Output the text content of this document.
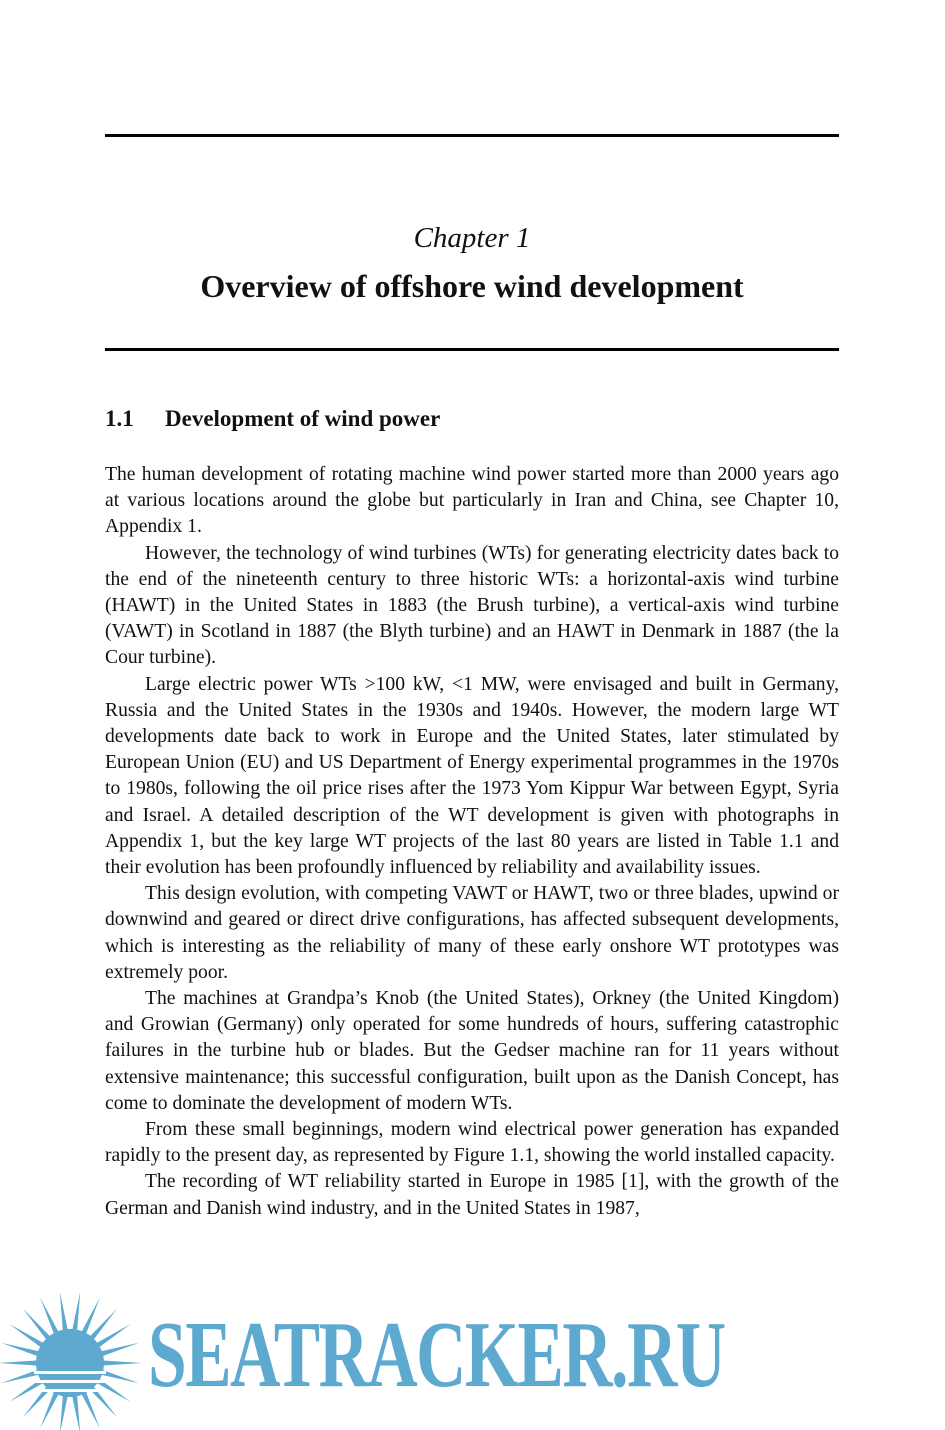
Chapter 1
Overview of offshore wind development
1.1 Development of wind power

The human development of rotating machine wind power started more than 2000 years ago at various locations around the globe but particularly in Iran and China, see Chapter 10, Appendix 1.

However, the technology of wind turbines (WTs) for generating electricity dates back to the end of the nineteenth century to three historic WTs: a horizontal-axis wind turbine (HAWT) in the United States in 1883 (the Brush turbine), a vertical-axis wind turbine (VAWT) in Scotland in 1887 (the Blyth turbine) and an HAWT in Denmark in 1887 (the la Cour turbine).

Large electric power WTs >100 kW, <1 MW, were envisaged and built in Germany, Russia and the United States in the 1930s and 1940s. However, the modern large WT developments date back to work in Europe and the United States, later stimulated by European Union (EU) and US Department of Energy experimental programmes in the 1970s to 1980s, following the oil price rises after the 1973 Yom Kippur War between Egypt, Syria and Israel. A detailed description of the WT development is given with photographs in Appendix 1, but the key large WT projects of the last 80 years are listed in Table 1.1 and their evolution has been profoundly influenced by reliability and availability issues.

This design evolution, with competing VAWT or HAWT, two or three blades, upwind or downwind and geared or direct drive configurations, has affected subsequent developments, which is interesting as the reliability of many of these early onshore WT prototypes was extremely poor.

The machines at Grandpa’s Knob (the United States), Orkney (the United Kingdom) and Growian (Germany) only operated for some hundreds of hours, suffering catastrophic failures in the turbine hub or blades. But the Gedser machine ran for 11 years without extensive maintenance; this successful configuration, built upon as the Danish Concept, has come to dominate the development of modern WTs.

From these small beginnings, modern wind electrical power generation has expanded rapidly to the present day, as represented by Figure 1.1, showing the world installed capacity.

The recording of WT reliability started in Europe in 1985 [1], with the growth of the German and Danish wind industry, and in the United States in 1987,

SEATRACKER.RU
